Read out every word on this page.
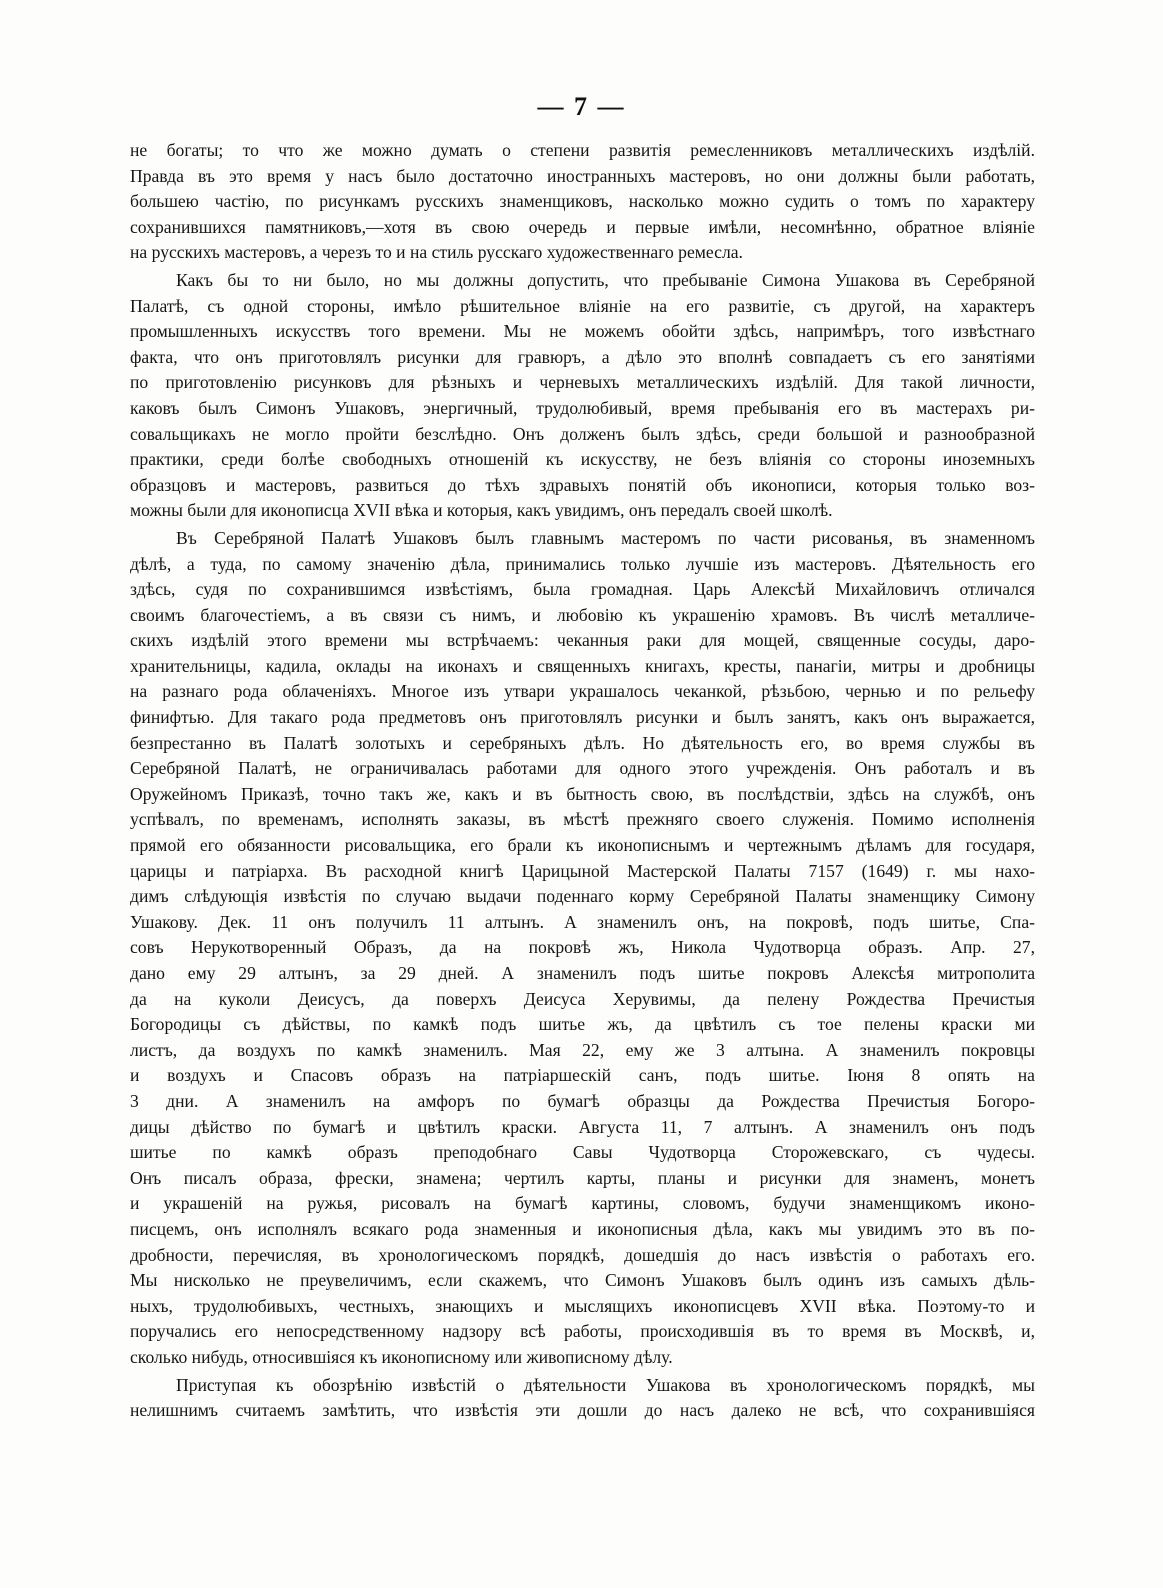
— 7 —
не богаты; то что же можно думать о степени развитія ремесленниковъ металлическихъ издѣлій.
Правда въ это время у насъ было достаточно иностранныхъ мастеровъ, но они должны были работать,
большею частію, по рисункамъ русскихъ знаменщиковъ, насколько можно судить о томъ по характеру
сохранившихся памятниковъ,—хотя въ свою очередь и первые имѣли, несомнѣнно, обратное вліяніе
на русскихъ мастеровъ, а черезъ то и на стиль русскаго художественнаго ремесла.
Какъ бы то ни было, но мы должны допустить, что пребываніе Симона Ушакова въ Серебряной
Палатѣ, съ одной стороны, имѣло рѣшительное вліяніе на его развитіе, съ другой, на характеръ
промышленныхъ искусствъ того времени. Мы не можемъ обойти здѣсь, напримѣръ, того извѣстнаго
факта, что онъ приготовлялъ рисунки для гравюръ, а дѣло это вполнѣ совпадаетъ съ его занятіями
по приготовленію рисунковъ для рѣзныхъ и черневыхъ металлическихъ издѣлій. Для такой личности,
каковъ былъ Симонъ Ушаковъ, энергичный, трудолюбивый, время пребыванія его въ мастерахъ ри-
совальщикахъ не могло пройти безслѣдно. Онъ долженъ былъ здѣсь, среди большой и разнообразной
практики, среди болѣе свободныхъ отношеній къ искусству, не безъ вліянія со стороны иноземныхъ
образцовъ и мастеровъ, развиться до тѣхъ здравыхъ понятій объ иконописи, которыя только воз-
можны были для иконописца XVII вѣка и которыя, какъ увидимъ, онъ передалъ своей школѣ.
Въ Серебряной Палатѣ Ушаковъ былъ главнымъ мастеромъ по части рисованья, въ знаменномъ
дѣлѣ, а туда, по самому значенію дѣла, принимались только лучшіе изъ мастеровъ. Дѣятельность его
здѣсь, судя по сохранившимся извѣстіямъ, была громадная. Царь Алексѣй Михайловичъ отличался
своимъ благочестіемъ, а въ связи съ нимъ, и любовію къ украшенію храмовъ. Въ числѣ металличе-
скихъ издѣлій этого времени мы встрѣчаемъ: чеканныя раки для мощей, священные сосуды, даро-
хранительницы, кадила, оклады на иконахъ и священныхъ книгахъ, кресты, панагіи, митры и дробницы
на разнаго рода облаченіяхъ. Многое изъ утвари украшалось чеканкой, рѣзьбою, чернью и по рельефу
финифтью. Для такаго рода предметовъ онъ приготовлялъ рисунки и былъ занятъ, какъ онъ выражается,
безпрестанно въ Палатѣ золотыхъ и серебряныхъ дѣлъ. Но дѣятельность его, во время службы въ
Серебряной Палатѣ, не ограничивалась работами для одного этого учрежденія. Онъ работалъ и въ
Оружейномъ Приказѣ, точно такъ же, какъ и въ бытность свою, въ послѣдствіи, здѣсь на службѣ, онъ
успѣвалъ, по временамъ, исполнять заказы, въ мѣстѣ прежняго своего служенія. Помимо исполненія
прямой его обязанности рисовальщика, его брали къ иконописнымъ и чертежнымъ дѣламъ для государя,
царицы и патріарха. Въ расходной книгѣ Царицыной Мастерской Палаты 7157 (1649) г. мы нахо-
димъ слѣдующія извѣстія по случаю выдачи поденнаго корму Серебряной Палаты знаменщику Симону
Ушакову. Дек. 11 онъ получилъ 11 алтынъ. А знаменилъ онъ, на покровѣ, подъ шитье, Спа-
совъ Нерукотворенный Образъ, да на покровѣ жъ, Никола Чудотворца образъ. Апр. 27,
дано ему 29 алтынъ, за 29 дней. А знаменилъ подъ шитье покровъ Алексѣя митрополита
да на куколи Деисусъ, да поверхъ Деисуса Херувимы, да пелену Рождества Пречистыя
Богородицы съ дѣйствы, по камкѣ подъ шитье жъ, да цвѣтилъ съ тое пелены краски ми
листъ, да воздухъ по камкѣ знаменилъ. Мая 22, ему же 3 алтына. А знаменилъ покровцы
и воздухъ и Спасовъ образъ на патріаршескій санъ, подъ шитье. Іюня 8 опять на
3 дни. А знаменилъ на амфоръ по бумагѣ образцы да Рождества Пречистыя Богоро-
дицы дѣйство по бумагѣ и цвѣтилъ краски. Августа 11, 7 алтынъ. А знаменилъ онъ подъ
шитье по камкѣ образъ преподобнаго Савы Чудотворца Сторожевскаго, съ чудесы.
Онъ писалъ образа, фрески, знамена; чертилъ карты, планы и рисунки для знаменъ, монетъ
и украшеній на ружья, рисовалъ на бумагѣ картины, словомъ, будучи знаменщикомъ иконо-
писцемъ, онъ исполнялъ всякаго рода знаменныя и иконописныя дѣла, какъ мы увидимъ это въ по-
дробности, перечисляя, въ хронологическомъ порядкѣ, дошедшія до насъ извѣстія о работахъ его.
Мы нисколько не преувеличимъ, если скажемъ, что Симонъ Ушаковъ былъ одинъ изъ самыхъ дѣль-
ныхъ, трудолюбивыхъ, честныхъ, знающихъ и мыслящихъ иконописцевъ XVII вѣка. Поэтому-то и
поручались его непосредственному надзору всѣ работы, происходившія въ то время въ Москвѣ, и,
сколько нибудь, относившіяся къ иконописному или живописному дѣлу.
Приступая къ обозрѣнію извѣстій о дѣятельности Ушакова въ хронологическомъ порядкѣ, мы
нелишнимъ считаемъ замѣтить, что извѣстія эти дошли до насъ далеко не всѣ, что сохранившіяся
